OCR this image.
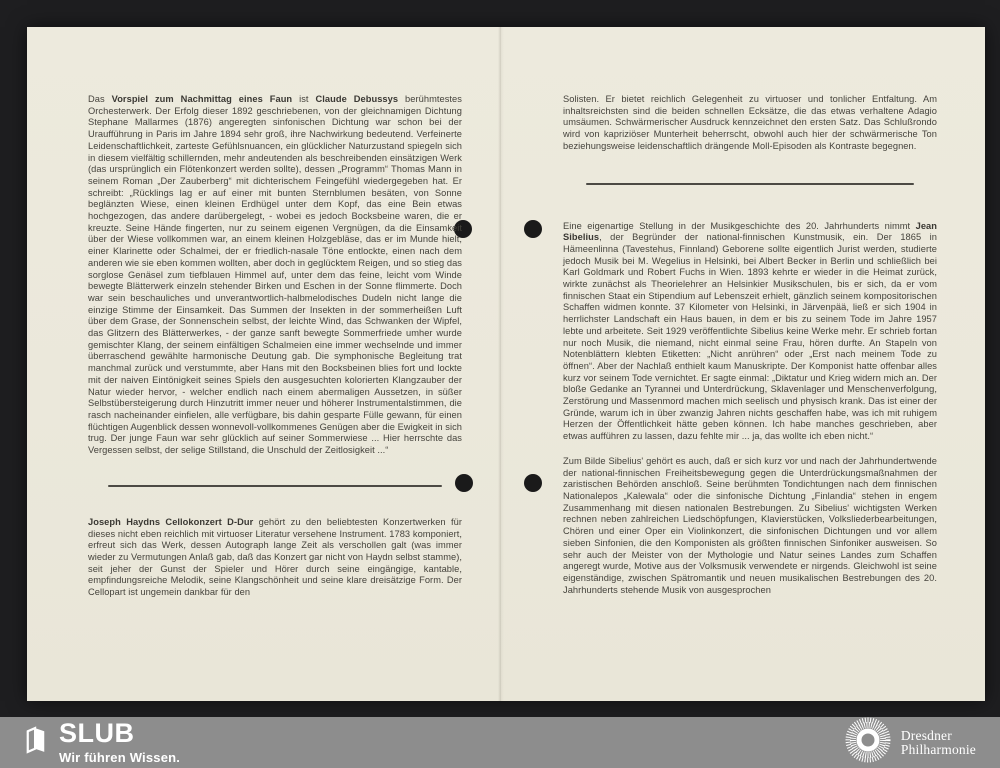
Das Vorspiel zum Nachmittag eines Faun ist Claude Debussys berühmtestes Orchesterwerk. Der Erfolg dieser 1892 geschriebenen, von der gleichnamigen Dichtung Stephane Mallarmes (1876) angeregten sinfonischen Dichtung war schon bei der Uraufführung in Paris im Jahre 1894 sehr groß, ihre Nachwirkung bedeutend. Verfeinerte Leidenschaftlichkeit, zarteste Gefühlsnuancen, ein glücklicher Naturzustand spiegeln sich in diesem vielfältig schillernden, mehr andeutenden als beschreibenden einsätzigen Werk (das ursprünglich ein Flötenkonzert werden sollte), dessen „Programm“ Thomas Mann in seinem Roman „Der Zauberberg“ mit dichterischem Feingefühl wiedergegeben hat. Er schreibt: „Rücklings lag er auf einer mit bunten Sternblumen besäten, von Sonne beglänzten Wiese, einen kleinen Erdhügel unter dem Kopf, das eine Bein etwas hochgezogen, das andere darübergelegt, - wobei es jedoch Bocksbeine waren, die er kreuzte. Seine Hände fingerten, nur zu seinem eigenen Vergnügen, da die Einsamkeit über der Wiese vollkommen war, an einem kleinen Holzgebläse, das er im Munde hielt, einer Klarinette oder Schalmei, der er friedlich-nasale Töne entlockte, einen nach dem anderen wie sie eben kommen wollten, aber doch in geglücktem Reigen, und so stieg das sorglose Genäsel zum tiefblauen Himmel auf, unter dem das feine, leicht vom Winde bewegte Blätterwerk einzeln stehender Birken und Eschen in der Sonne flimmerte. Doch war sein beschauliches und unverantwortlich-halbmelodisches Dudeln nicht lange die einzige Stimme der Einsamkeit. Das Summen der Insekten in der sommerheißen Luft über dem Grase, der Sonnenschein selbst, der leichte Wind, das Schwanken der Wipfel, das Glitzern des Blätterwerkes, - der ganze sanft bewegte Sommerfriede umher wurde gemischter Klang, der seinem einfältigen Schalmeien eine immer wechselnde und immer überraschend gewählte harmonische Deutung gab. Die symphonische Begleitung trat manchmal zurück und verstummte, aber Hans mit den Bocksbeinen blies fort und lockte mit der naiven Eintönigkeit seines Spiels den ausgesuchten kolorierten Klangzauber der Natur wieder hervor, - welcher endlich nach einem abermaligen Aussetzen, in süßer Selbstübersteigerung durch Hinzutritt immer neuer und höherer Instrumentalstimmen, die rasch nacheinander einfielen, alle verfügbare, bis dahin gesparte Fülle gewann, für einen flüchtigen Augenblick dessen wonnevoll-vollkommenes Genügen aber die Ewigkeit in sich trug. Der junge Faun war sehr glücklich auf seiner Sommerwiese ... Hier herrschte das Vergessen selbst, der selige Stillstand, die Unschuld der Zeitlosigkeit ...“

Joseph Haydns Cellokonzert D-Dur gehört zu den beliebtesten Konzertwerken für dieses nicht eben reichlich mit virtuoser Literatur versehene Instrument. 1783 komponiert, erfreut sich das Werk, dessen Autograph lange Zeit als verschollen galt (was immer wieder zu Vermutungen Anlaß gab, daß das Konzert gar nicht von Haydn selbst stamme), seit jeher der Gunst der Spieler und Hörer durch seine eingängige, kantable, empfindungsreiche Melodik, seine Klangschönheit und seine klare dreisätzige Form. Der Cellopart ist ungemein dankbar für den

Solisten. Er bietet reichlich Gelegenheit zu virtuoser und tonlicher Entfaltung. Am inhaltsreichsten sind die beiden schnellen Ecksätze, die das etwas verhaltene Adagio umsäumen. Schwärmerischer Ausdruck kennzeichnet den ersten Satz. Das Schlußrondo wird von kapriziöser Munterheit beherrscht, obwohl auch hier der schwärmerische Ton beziehungsweise leidenschaftlich drängende Moll-Episoden als Kontraste begegnen.

Eine eigenartige Stellung in der Musikgeschichte des 20. Jahrhunderts nimmt Jean Sibelius, der Begründer der national-finnischen Kunstmusik, ein. Der 1865 in Hämeenlinna (Tavestehus, Finnland) Geborene sollte eigentlich Jurist werden, studierte jedoch Musik bei M. Wegelius in Helsinki, bei Albert Becker in Berlin und schließlich bei Karl Goldmark und Robert Fuchs in Wien. 1893 kehrte er wieder in die Heimat zurück, wirkte zunächst als Theorielehrer an Helsinkier Musikschulen, bis er sich, da er vom finnischen Staat ein Stipendium auf Lebenszeit erhielt, gänzlich seinem kompositorischen Schaffen widmen konnte. 37 Kilometer von Helsinki, in Järvenpää, ließ er sich 1904 in herrlichster Landschaft ein Haus bauen, in dem er bis zu seinem Tode im Jahre 1957 lebte und arbeitete. Seit 1929 veröffentlichte Sibelius keine Werke mehr. Er schrieb fortan nur noch Musik, die niemand, nicht einmal seine Frau, hören durfte. An Stapeln von Notenblättern klebten Etiketten: „Nicht anrühren“ oder „Erst nach meinem Tode zu öffnen“. Aber der Nachlaß enthielt kaum Manuskripte. Der Komponist hatte offenbar alles kurz vor seinem Tode vernichtet. Er sagte einmal: „Diktatur und Krieg widern mich an. Der bloße Gedanke an Tyrannei und Unterdrückung, Sklavenlager und Menschenverfolgung, Zerstörung und Massenmord machen mich seelisch und physisch krank. Das ist einer der Gründe, warum ich in über zwanzig Jahren nichts geschaffen habe, was ich mit ruhigem Herzen der Öffentlichkeit hätte geben können. Ich habe manches geschrieben, aber etwas aufführen zu lassen, dazu fehlte mir ... ja, das wollte ich eben nicht.“

Zum Bilde Sibelius' gehört es auch, daß er sich kurz vor und nach der Jahrhundertwende der national-finnischen Freiheitsbewegung gegen die Unterdrückungsmaßnahmen der zaristischen Behörden anschloß. Seine berühmten Tondichtungen nach dem finnischen Nationalepos „Kalewala“ oder die sinfonische Dichtung „Finlandia“ stehen in engem Zusammenhang mit diesen nationalen Bestrebungen. Zu Sibelius' wichtigsten Werken rechnen neben zahlreichen Liedschöpfungen, Klavierstücken, Volksliederbearbeitungen, Chören und einer Oper ein Violinkonzert, die sinfonischen Dichtungen und vor allem sieben Sinfonien, die den Komponisten als größten finnischen Sinfoniker ausweisen. So sehr auch der Meister von der Mythologie und Natur seines Landes zum Schaffen angeregt wurde, Motive aus der Volksmusik verwendete er nirgends. Gleichwohl ist seine eigenständige, zwischen Spätromantik und neuen musikalischen Bestrebungen des 20. Jahrhunderts stehende Musik von ausgesprochen

SLUB
Wir führen Wissen.
Dresdner
Philharmonie
